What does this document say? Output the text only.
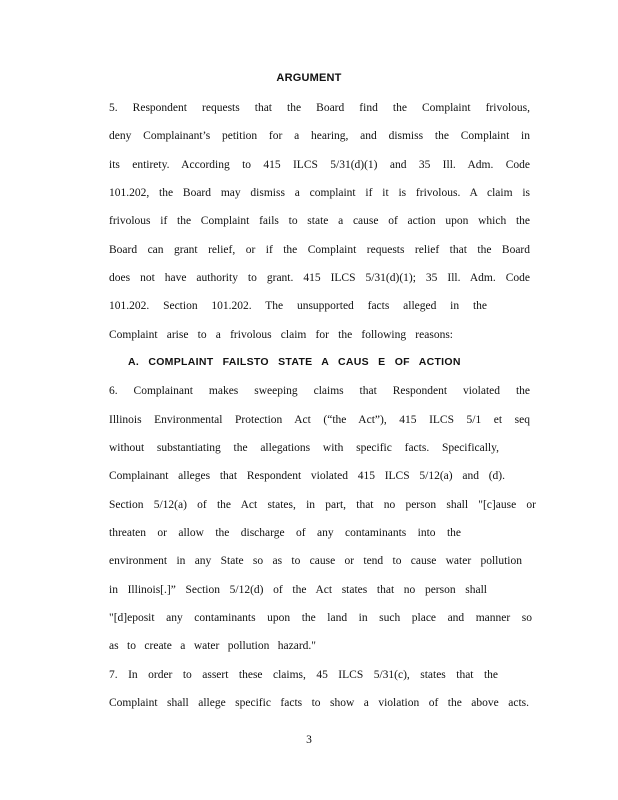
ARGUMENT
5. Respondent requests that the Board find the Complaint frivolous,
deny Complainant’s petition for a hearing, and dismiss the Complaint in
its entirety. According to 415 ILCS 5/31(d)(1) and 35 Ill. Adm. Code
101.202, the Board may dismiss a complaint if it is frivolous. A claim is
frivolous if the Complaint fails to state a cause of action upon which the
Board can grant relief, or if the Complaint requests relief that the Board
does not have authority to grant. 415 ILCS 5/31(d)(1); 35 Ill. Adm. Code
101.202. Section 101.202. The unsupported facts alleged in the
Complaint arise to a frivolous claim for the following reasons:
A. COMPLAINT FAILSTO STATE A CAUS E OF ACTION
6. Complainant makes sweeping claims that Respondent violated the
Illinois Environmental Protection Act (“the Act”), 415 ILCS 5/1 et seq
without substantiating the allegations with specific facts. Specifically,
Complainant alleges that Respondent violated 415 ILCS 5/12(a) and (d).
Section 5/12(a) of the Act states, in part, that no person shall "[c]ause or
threaten or allow the discharge of any contaminants into the
environment in any State so as to cause or tend to cause water pollution
in Illinois[.]” Section 5/12(d) of the Act states that no person shall
"[d]eposit any contaminants upon the land in such place and manner so
as to create a water pollution hazard."
7. In order to assert these claims, 45 ILCS 5/31(c), states that the
Complaint shall allege specific facts to show a violation of the above acts.
3
